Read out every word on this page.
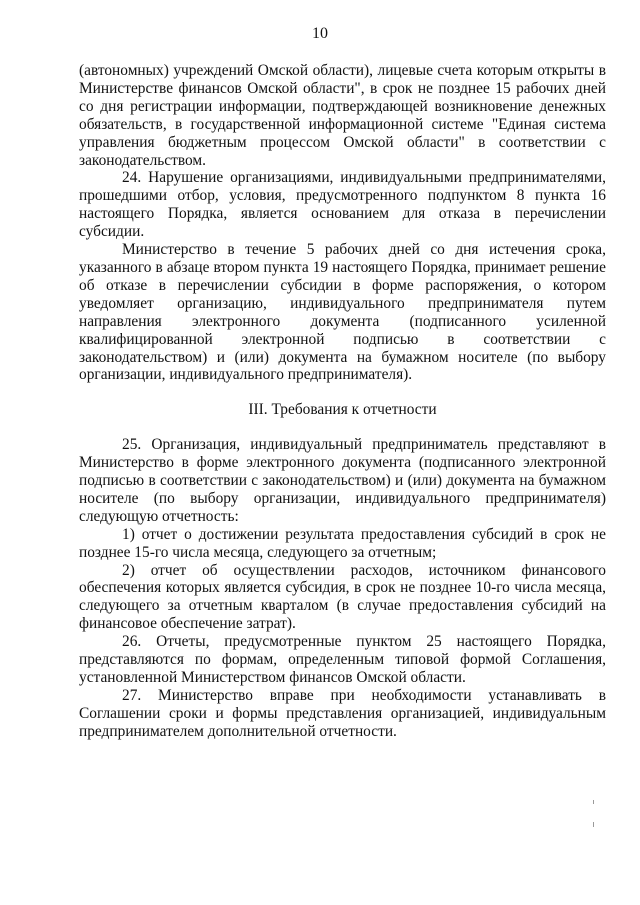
10

(автономных) учреждений Омской области), лицевые счета которым открыты в Министерстве финансов Омской области", в срок не позднее 15 рабочих дней со дня регистрации информации, подтверждающей возникновение денежных обязательств, в государственной информационной системе "Единая система управления бюджетным процессом Омской области" в соответствии с законодательством.

24. Нарушение организациями, индивидуальными предпринимателями, прошедшими отбор, условия, предусмотренного подпунктом 8 пункта 16 настоящего Порядка, является основанием для отказа в перечислении субсидии.

Министерство в течение 5 рабочих дней со дня истечения срока, указанного в абзаце втором пункта 19 настоящего Порядка, принимает решение об отказе в перечислении субсидии в форме распоряжения, о котором уведомляет организацию, индивидуального предпринимателя путем направления электронного документа (подписанного усиленной квалифицированной электронной подписью в соответствии с законодательством) и (или) документа на бумажном носителе (по выбору организации, индивидуального предпринимателя).

III. Требования к отчетности

25. Организация, индивидуальный предприниматель представляют в Министерство в форме электронного документа (подписанного электронной подписью в соответствии с законодательством) и (или) документа на бумажном носителе (по выбору организации, индивидуального предпринимателя) следующую отчетность:

1) отчет о достижении результата предоставления субсидий в срок не позднее 15-го числа месяца, следующего за отчетным;

2) отчет об осуществлении расходов, источником финансового обеспечения которых является субсидия, в срок не позднее 10-го числа месяца, следующего за отчетным кварталом (в случае предоставления субсидий на финансовое обеспечение затрат).

26. Отчеты, предусмотренные пунктом 25 настоящего Порядка, представляются по формам, определенным типовой формой Соглашения, установленной Министерством финансов Омской области.

27. Министерство вправе при необходимости устанавливать в Соглашении сроки и формы представления организацией, индивидуальным предпринимателем дополнительной отчетности.
